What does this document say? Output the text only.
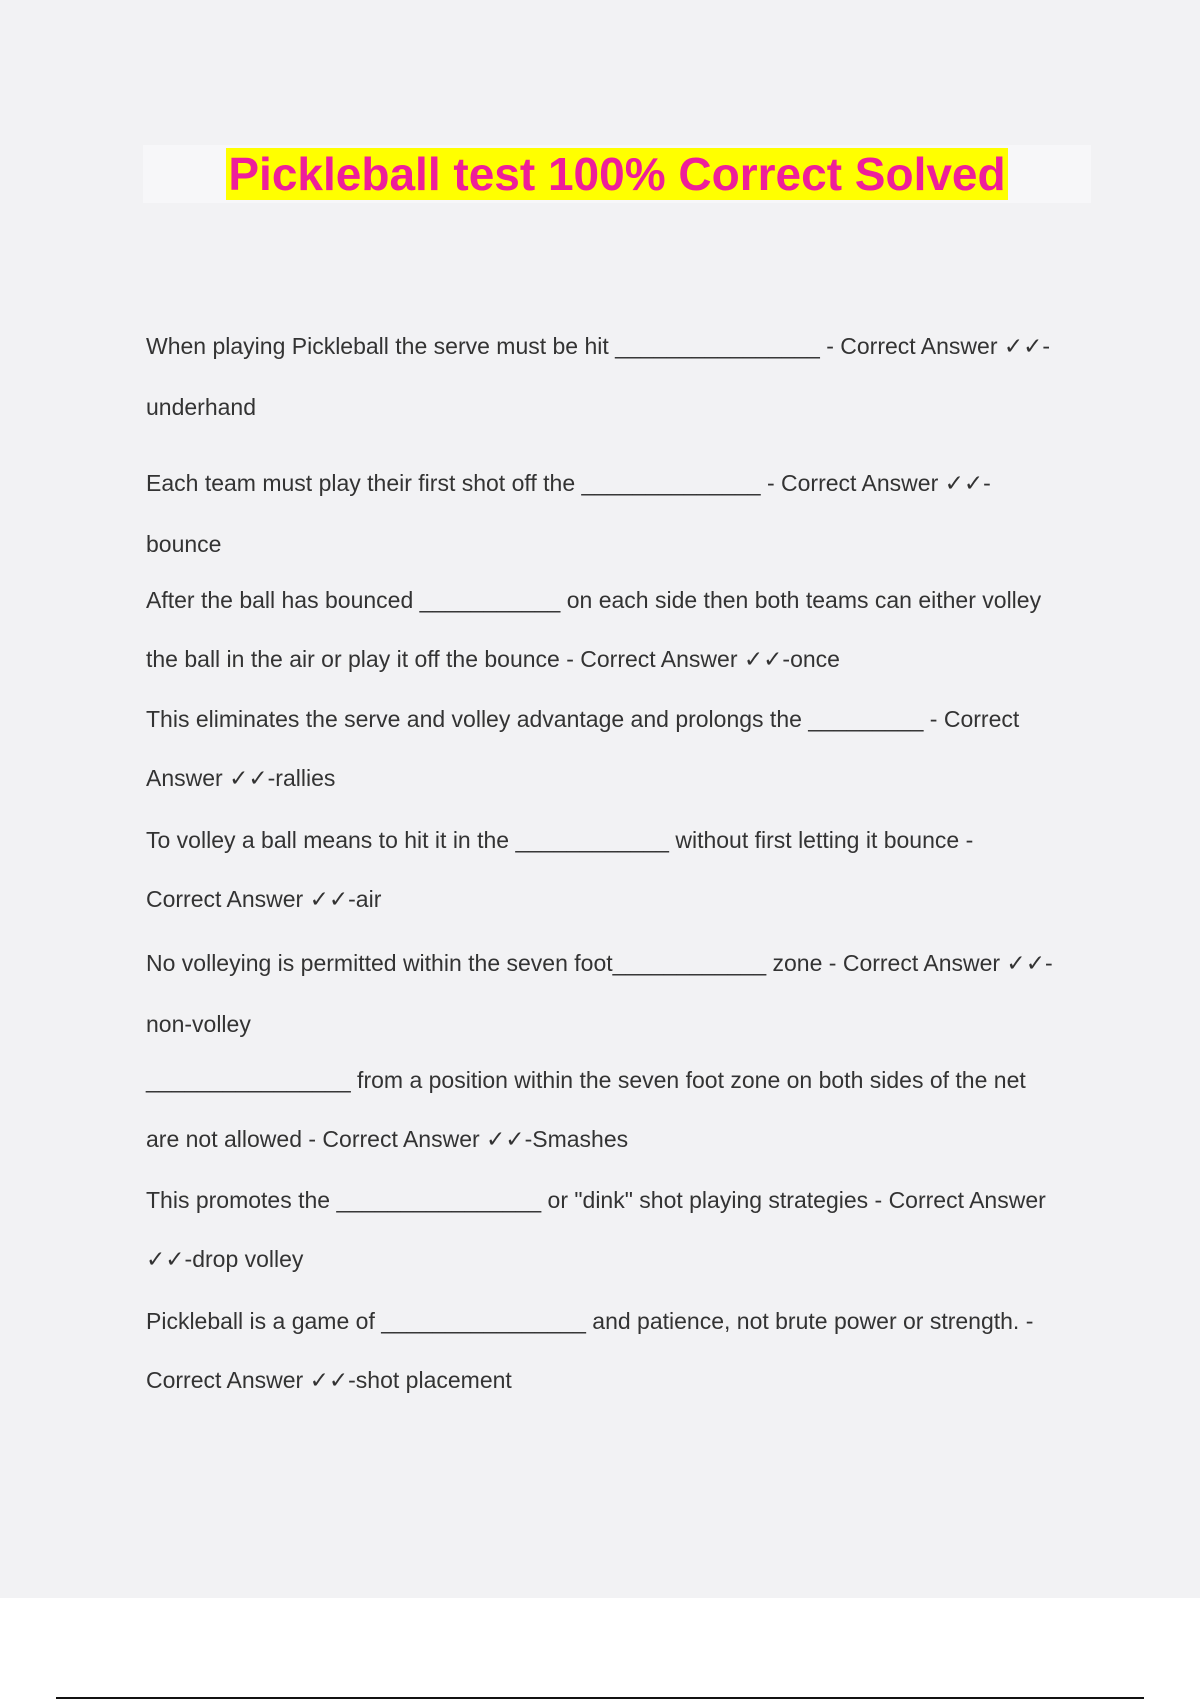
Pickleball test 100% Correct Solved
When playing Pickleball the serve must be hit ________________ - Correct Answer ✓✓-
underhand
Each team must play their first shot off the ______________ - Correct Answer ✓✓-
bounce
After the ball has bounced ___________ on each side then both teams can either volley
the ball in the air or play it off the bounce - Correct Answer ✓✓-once
This eliminates the serve and volley advantage and prolongs the _________ - Correct
Answer ✓✓-rallies
To volley a ball means to hit it in the ____________ without first letting it bounce -
Correct Answer ✓✓-air
No volleying is permitted within the seven foot____________ zone - Correct Answer ✓✓-
non-volley
________________ from a position within the seven foot zone on both sides of the net
are not allowed - Correct Answer ✓✓-Smashes
This promotes the ________________ or "dink" shot playing strategies - Correct Answer
✓✓-drop volley
Pickleball is a game of ________________ and patience, not brute power or strength. -
Correct Answer ✓✓-shot placement
